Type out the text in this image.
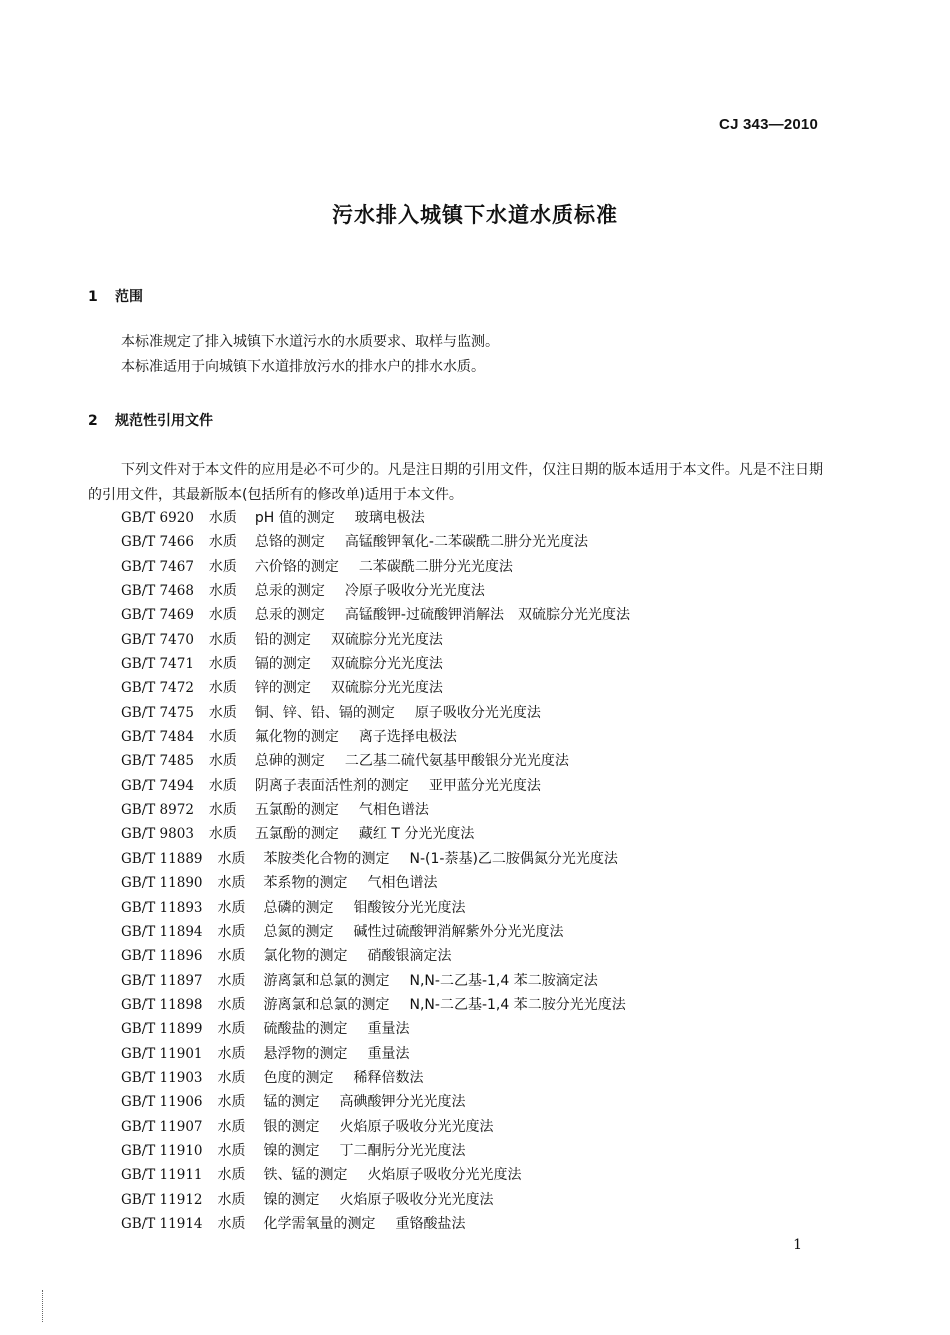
CJ 343—2010
污水排入城镇下水道水质标准
1 范围
本标准规定了排入城镇下水道污水的水质要求、取样与监测。
本标准适用于向城镇下水道排放污水的排水户的排水水质。
2 规范性引用文件
下列文件对于本文件的应用是必不可少的。凡是注日期的引用文件，仅注日期的版本适用于本文件。凡是不注日期的引用文件，其最新版本(包括所有的修改单)适用于本文件。
GB/T 6920 水质 pH 值的测定 玻璃电极法
GB/T 7466 水质 总铬的测定 高锰酸钾氧化-二苯碳酰二肼分光光度法
GB/T 7467 水质 六价铬的测定 二苯碳酰二肼分光光度法
GB/T 7468 水质 总汞的测定 冷原子吸收分光光度法
GB/T 7469 水质 总汞的测定 高锰酸钾-过硫酸钾消解法　双硫腙分光光度法
GB/T 7470 水质 铅的测定 双硫腙分光光度法
GB/T 7471 水质 镉的测定 双硫腙分光光度法
GB/T 7472 水质 锌的测定 双硫腙分光光度法
GB/T 7475 水质 铜、锌、铅、镉的测定 原子吸收分光光度法
GB/T 7484 水质 氟化物的测定 离子选择电极法
GB/T 7485 水质 总砷的测定 二乙基二硫代氨基甲酸银分光光度法
GB/T 7494 水质 阴离子表面活性剂的测定 亚甲蓝分光光度法
GB/T 8972 水质 五氯酚的测定 气相色谱法
GB/T 9803 水质 五氯酚的测定 藏红 T 分光光度法
GB/T 11889 水质 苯胺类化合物的测定 N-(1-萘基)乙二胺偶氮分光光度法
GB/T 11890 水质 苯系物的测定 气相色谱法
GB/T 11893 水质 总磷的测定 钼酸铵分光光度法
GB/T 11894 水质 总氮的测定 碱性过硫酸钾消解紫外分光光度法
GB/T 11896 水质 氯化物的测定 硝酸银滴定法
GB/T 11897 水质 游离氯和总氯的测定 N,N-二乙基-1,4 苯二胺滴定法
GB/T 11898 水质 游离氯和总氯的测定 N,N-二乙基-1,4 苯二胺分光光度法
GB/T 11899 水质 硫酸盐的测定 重量法
GB/T 11901 水质 悬浮物的测定 重量法
GB/T 11903 水质 色度的测定 稀释倍数法
GB/T 11906 水质 锰的测定 高碘酸钾分光光度法
GB/T 11907 水质 银的测定 火焰原子吸收分光光度法
GB/T 11910 水质 镍的测定 丁二酮肟分光光度法
GB/T 11911 水质 铁、锰的测定 火焰原子吸收分光光度法
GB/T 11912 水质 镍的测定 火焰原子吸收分光光度法
GB/T 11914 水质 化学需氧量的测定 重铬酸盐法
1
